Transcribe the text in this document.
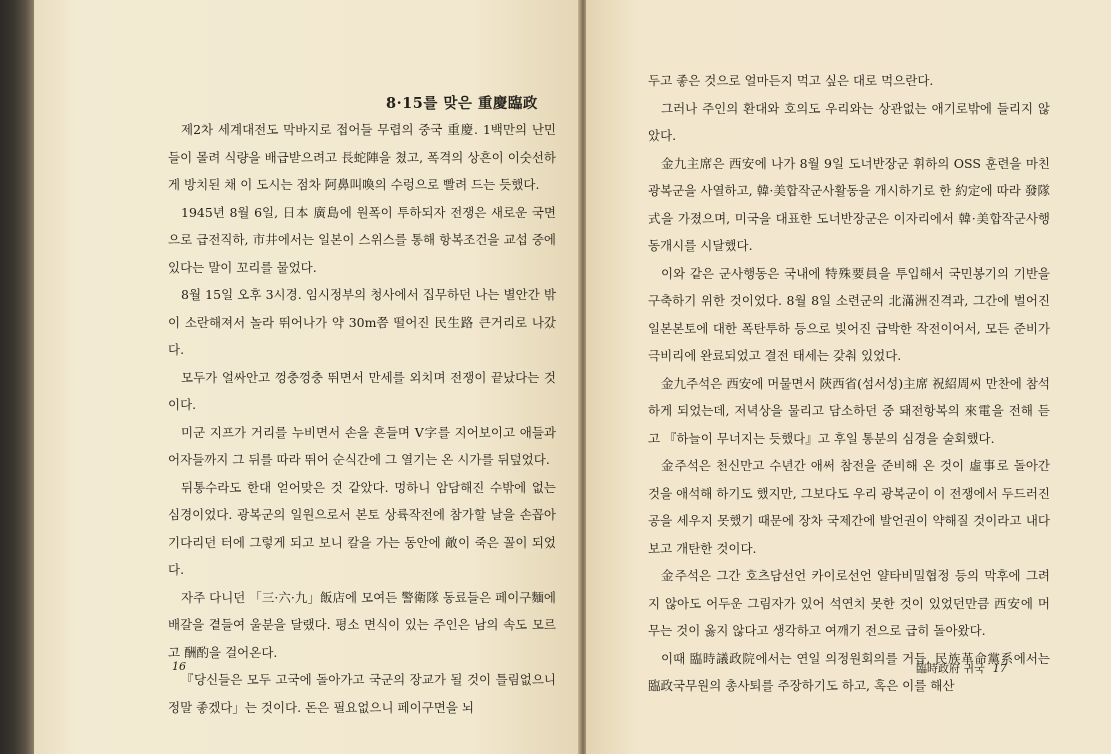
8·15를 맞은 重慶臨政

제2차 세계대전도 막바지로 접어들 무렵의 중국 重慶. 1백만의 난민들이 몰려 식량을 배급받으려고 長蛇陣을 쳤고, 폭격의 상흔이 이숫선하게 방치된 채 이 도시는 점차 阿鼻叫喚의 수렁으로 빨려 드는 듯했다.

1945년 8월 6일, 日本 廣島에 원폭이 투하되자 전쟁은 새로운 국면으로 급전직하, 市井에서는 일본이 스위스를 통해 항복조건을 교섭 중에 있다는 말이 꼬리를 물었다.

8월 15일 오후 3시경. 임시정부의 청사에서 집무하던 나는 별안간 밖이 소란해져서 놀라 뛰어나가 약 30m쯤 떨어진 民生路 큰거리로 나갔다.

모두가 얼싸안고 껑충껑충 뛰면서 만세를 외치며 전쟁이 끝났다는 것이다.

미군 지프가 거리를 누비면서 손을 흔들며 V字를 지어보이고 애들과 어자들까지 그 뒤를 따라 뛰어 순식간에 그 열기는 온 시가를 뒤덮었다.

뒤통수라도 한대 얻어맞은 것 같았다. 멍하니 암담해진 수밖에 없는 심경이었다. 광복군의 일원으로서 본토 상륙작전에 참가할 날을 손꼽아 기다리던 터에 그렇게 되고 보니 칼을 가는 동안에 敵이 죽은 꼴이 되었다.

자주 다니던 「三·六·九」飯店에 모여든 警衛隊 동료들은 페이구麵에 배갈을 곁들여 울분을 달랬다. 평소 면식이 있는 주인은 남의 속도 모르고 酬酌을 걸어온다.

『당신들은 모두 고국에 돌아가고 국군의 장교가 될 것이 틀림없으니 정말 좋겠다」는 것이다. 돈은 필요없으니 페이구면을 뇌

16

두고 좋은 것으로 얼마든지 먹고 싶은 대로 먹으란다.

그러나 주인의 환대와 호의도 우리와는 상관없는 애기로밖에 들리지 않았다.

金九主席은 西安에 나가 8월 9일 도너반장군 휘하의 OSS 훈련을 마친 광복군을 사열하고, 韓·美합작군사활동을 개시하기로 한 約定에 따라 發隊式을 가졌으며, 미국을 대표한 도너반장군은 이자리에서 韓·美합작군사행동개시를 시달했다.

이와 같은 군사행동은 국내에 特殊要員을 투입해서 국민봉기의 기반을 구축하기 위한 것이었다. 8월 8일 소련군의 北滿洲진격과, 그간에 벌어진 일본본토에 대한 폭탄투하 등으로 빚어진 급박한 작전이어서, 모든 준비가 극비리에 완료되었고 결전 태세는 갖춰 있었다.

金九주석은 西安에 머물면서 陝西省(섬서성)主席 祝紹周씨 만찬에 참석하게 되었는데, 저녁상을 물리고 담소하던 중 돼전항복의 來電을 전해 듣고 『하늘이 무너지는 듯했다』고 후일 통분의 심경을 술회했다.

金주석은 천신만고 수년간 애써 참전을 준비해 온 것이 虛事로 돌아간 것을 애석해 하기도 했지만, 그보다도 우리 광복군이 이 전쟁에서 두드러진 공을 세우지 못했기 때문에 장차 국제간에 발언권이 약해질 것이라고 내다보고 개탄한 것이다.

金주석은 그간 호츠담선언 카이로선언 얄타비밀협정 등의 막후에 그려지 않아도 어두운 그림자가 있어 석연치 못한 것이 있었던만큼 西安에 머무는 것이 옳지 않다고 생각하고 여깨기 전으로 급히 돌아왔다.

이때 臨時議政院에서는 연일 의정원회의를 거듭, 民族革命黨系에서는 臨政국무원의 총사퇴를 주장하기도 하고, 혹은 이를 해산

臨時政府 귀국 17
